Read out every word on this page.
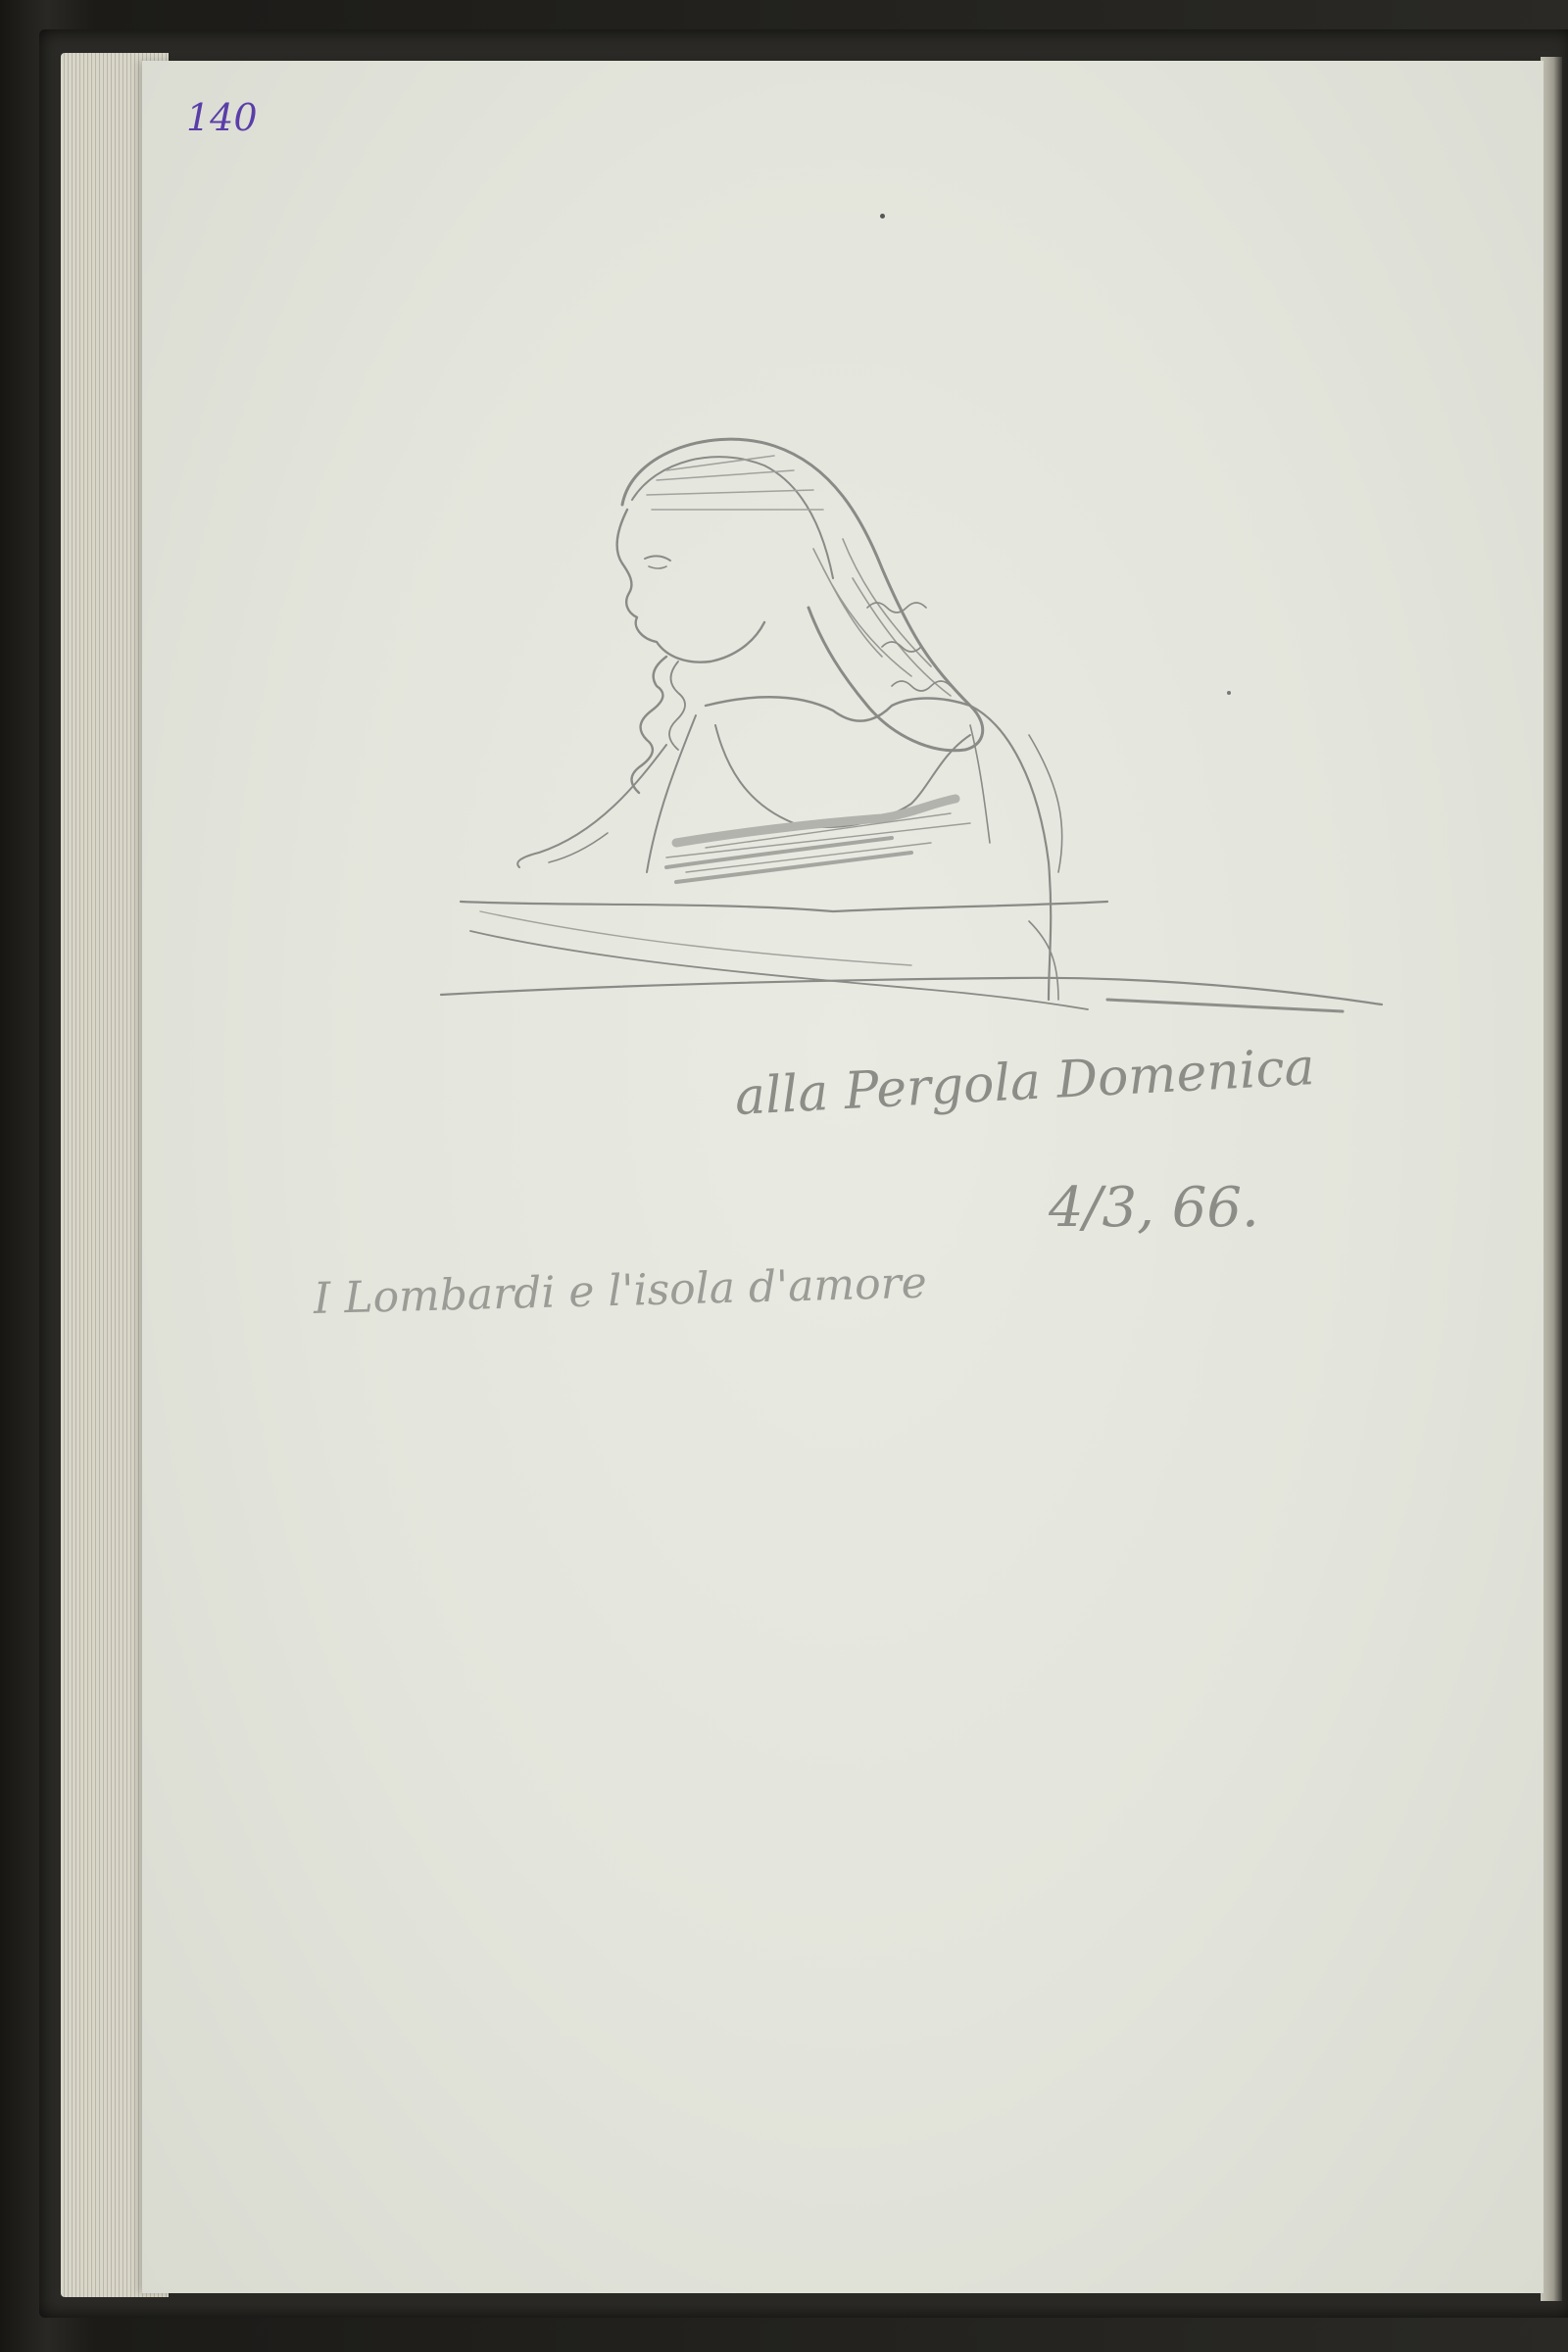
140
alla Pergola Domenica
4/3, 66.
I Lombardi e l'isola d'amore
